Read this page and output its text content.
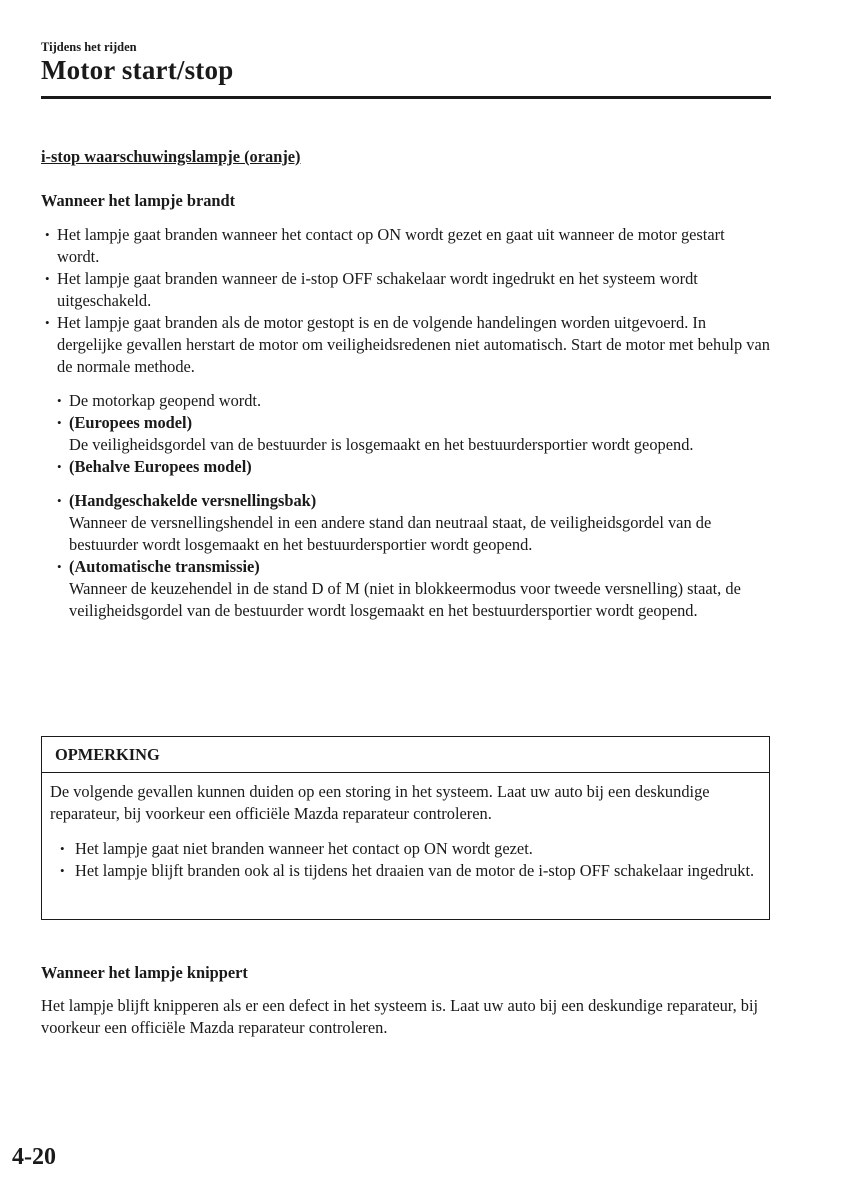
Tijdens het rijden
Motor start/stop

i-stop waarschuwingslampje (oranje)

Wanneer het lampje brandt

• Het lampje gaat branden wanneer het contact op ON wordt gezet en gaat uit wanneer de motor gestart wordt.
• Het lampje gaat branden wanneer de i-stop OFF schakelaar wordt ingedrukt en het systeem wordt uitgeschakeld.
• Het lampje gaat branden als de motor gestopt is en de volgende handelingen worden uitgevoerd. In dergelijke gevallen herstart de motor om veiligheidsredenen niet automatisch. Start de motor met behulp van de normale methode.
• De motorkap geopend wordt.
• (Europees model)
De veiligheidsgordel van de bestuurder is losgemaakt en het bestuurdersportier wordt geopend.
• (Behalve Europees model)
• (Handgeschakelde versnellingsbak)
Wanneer de versnellingshendel in een andere stand dan neutraal staat, de veiligheidsgordel van de bestuurder wordt losgemaakt en het bestuurdersportier wordt geopend.
• (Automatische transmissie)
Wanneer de keuzehendel in de stand D of M (niet in blokkeermodus voor tweede versnelling) staat, de veiligheidsgordel van de bestuurder wordt losgemaakt en het bestuurdersportier wordt geopend.
OPMERKING

De volgende gevallen kunnen duiden op een storing in het systeem. Laat uw auto bij een deskundige reparateur, bij voorkeur een officiële Mazda reparateur controleren.

• Het lampje gaat niet branden wanneer het contact op ON wordt gezet.
• Het lampje blijft branden ook al is tijdens het draaien van de motor de i-stop OFF schakelaar ingedrukt.

Wanneer het lampje knippert

Het lampje blijft knipperen als er een defect in het systeem is. Laat uw auto bij een deskundige reparateur, bij voorkeur een officiële Mazda reparateur controleren.

4-20
